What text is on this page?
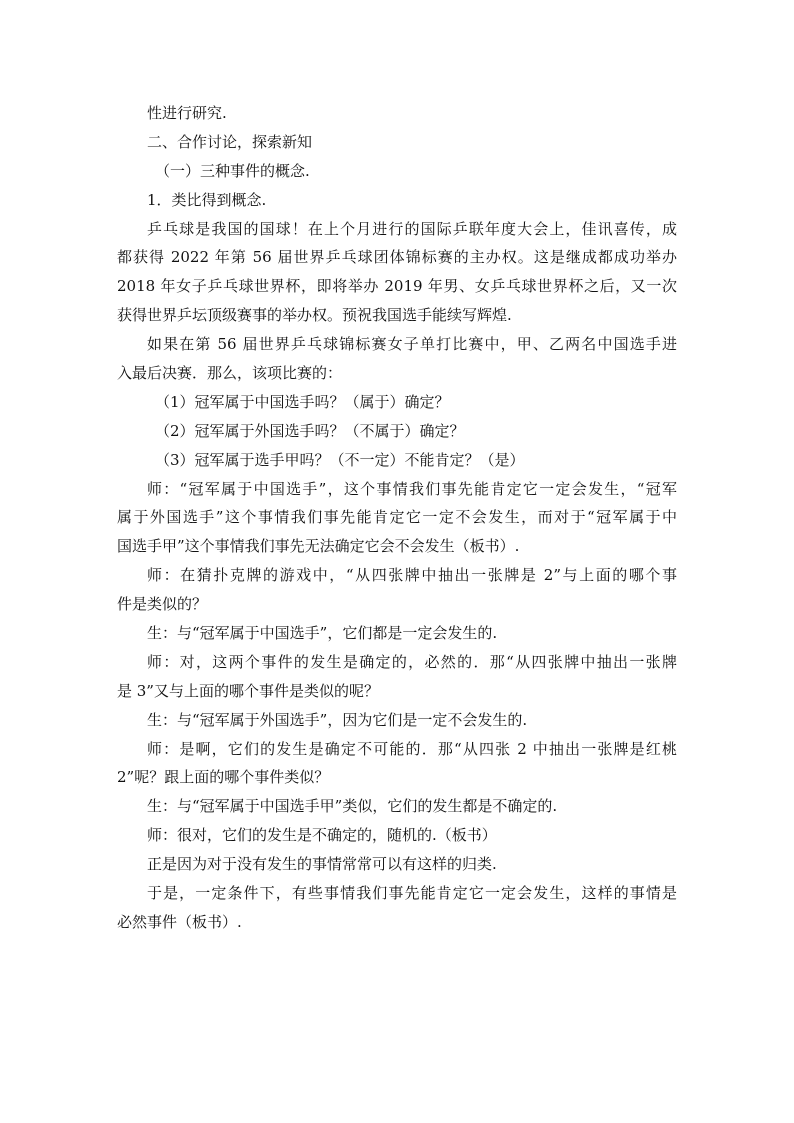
性进行研究.
二、合作讨论，探索新知
（一）三种事件的概念.
1．类比得到概念.
乒乓球是我国的国球！在上个月进行的国际乒联年度大会上，佳讯喜传，成
都获得 2022 年第 56 届世界乒乓球团体锦标赛的主办权。这是继成都成功举办
2018 年女子乒乓球世界杯，即将举办 2019 年男、女乒乓球世界杯之后，又一次
获得世界乒坛顶级赛事的举办权。预祝我国选手能续写辉煌.
如果在第 56 届世界乒乓球锦标赛女子单打比赛中，甲、乙两名中国选手进
入最后决赛．那么，该项比赛的：
（1）冠军属于中国选手吗？（属于）确定？
（2）冠军属于外国选手吗？（不属于）确定？
（3）冠军属于选手甲吗？（不一定）不能肯定？（是）
师：“冠军属于中国选手”，这个事情我们事先能肯定它一定会发生，“冠军
属于外国选手”这个事情我们事先能肯定它一定不会发生，而对于“冠军属于中
国选手甲”这个事情我们事先无法确定它会不会发生（板书）.
师：在猜扑克牌的游戏中，“从四张牌中抽出一张牌是 2”与上面的哪个事
件是类似的？
生：与“冠军属于中国选手”，它们都是一定会发生的.
师：对，这两个事件的发生是确定的，必然的．那“从四张牌中抽出一张牌
是 3”又与上面的哪个事件是类似的呢？
生：与“冠军属于外国选手”，因为它们是一定不会发生的.
师：是啊，它们的发生是确定不可能的．那“从四张 2 中抽出一张牌是红桃
2”呢？跟上面的哪个事件类似？
生：与“冠军属于中国选手甲”类似，它们的发生都是不确定的.
师：很对，它们的发生是不确定的，随机的.（板书）
正是因为对于没有发生的事情常常可以有这样的归类.
于是，一定条件下，有些事情我们事先能肯定它一定会发生，这样的事情是
必然事件（板书）.
